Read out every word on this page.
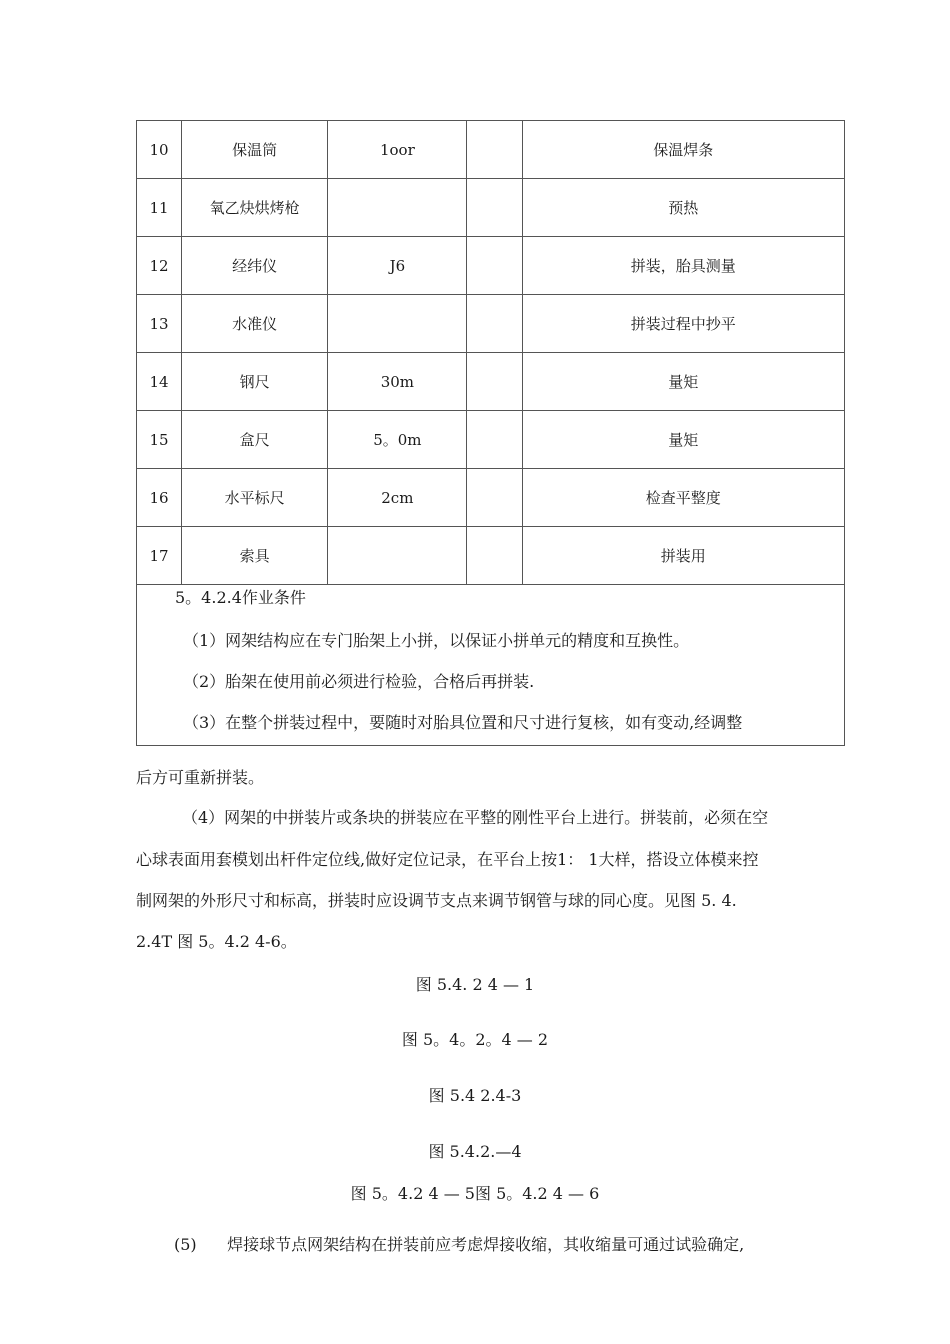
10	保温筒	1oor		保温焊条
11	氧乙炔烘烤枪			预热
12	经纬仪	J6		拼装，胎具测量
13	水准仪			拼装过程中抄平
14	钢尺	30m		量矩
15	盒尺	5。0m		量矩
16	水平标尺	2cm		检查平整度
17	索具			拼装用
5。4.2.4作业条件
（1）网架结构应在专门胎架上小拼，以保证小拼单元的精度和互换性。
（2）胎架在使用前必须进行检验，合格后再拼装.
（3）在整个拼装过程中，要随时对胎具位置和尺寸进行复核，如有变动,经调整
后方可重新拼装。
（4）网架的中拼装片或条块的拼装应在平整的刚性平台上进行。拼装前，必须在空
心球表面用套模划出杆件定位线,做好定位记录，在平台上按1： 1大样，搭设立体模来控
制网架的外形尺寸和标高，拼装时应设调节支点来调节钢管与球的同心度。见图 5. 4.
2.4T 图 5。4.2 4-6。
图 5.4. 2 4 — 1
图 5。4。2。4 — 2
图 5.4 2.4-3
图 5.4.2.—4
图 5。4.2 4 — 5图 5。4.2 4 — 6
(5)      焊接球节点网架结构在拼装前应考虑焊接收缩，其收缩量可通过试验确定,
